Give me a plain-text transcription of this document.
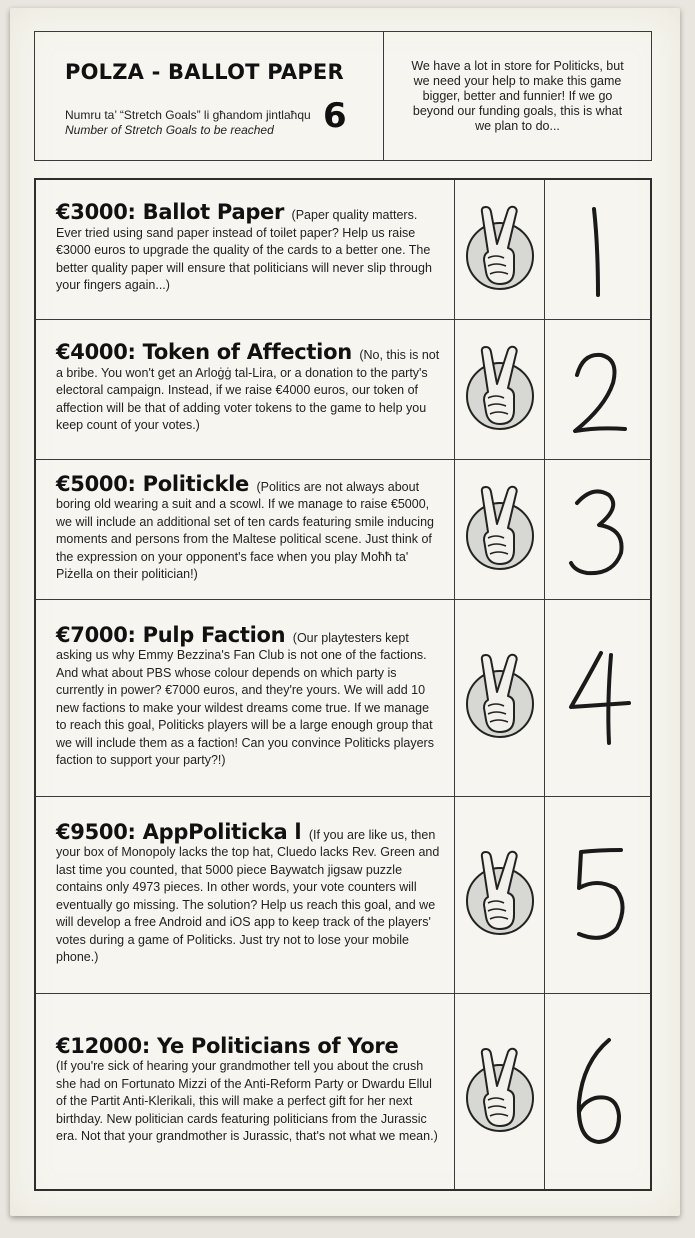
POLZA - BALLOT PAPER
Numru ta’ “Stretch Goals” li għandom jintlaħqu
Number of Stretch Goals to be reached 6
We have a lot in store for Politicks, but we need your help to make this game bigger, better and funnier! If we go beyond our funding goals, this is what we plan to do...

€3000: Ballot Paper (Paper quality matters. Ever tried using sand paper instead of toilet paper? Help us raise €3000 euros to upgrade the quality of the cards to a better one. The better quality paper will ensure that politicians will never slip through your fingers again...)

€4000: Token of Affection (No, this is not a bribe. You won't get an Arloġġ tal-Lira, or a donation to the party's electoral campaign. Instead, if we raise €4000 euros, our token of affection will be that of adding voter tokens to the game to help you keep count of your votes.)

€5000: Politickle (Politics are not always about boring old wearing a suit and a scowl. If we manage to raise €5000, we will include an additional set of ten cards featuring smile inducing moments and persons from the Maltese political scene. Just think of the expression on your opponent's face when you play Moħħ ta' Piżella on their politician!)

€7000: Pulp Faction (Our playtesters kept asking us why Emmy Bezzina's Fan Club is not one of the factions. And what about PBS whose colour depends on which party is currently in power? €7000 euros, and they're yours. We will add 10 new factions to make your wildest dreams come true. If we manage to reach this goal, Politicks players will be a large enough group that we will include them as a faction! Can you convince Politicks players faction to support your party?!)

€9500: AppPoliticka l (If you are like us, then your box of Monopoly lacks the top hat, Cluedo lacks Rev. Green and last time you counted, that 5000 piece Baywatch jigsaw puzzle contains only 4973 pieces. In other words, your vote counters will eventually go missing. The solution? Help us reach this goal, and we will develop a free Android and iOS app to keep track of the players' votes during a game of Politicks. Just try not to lose your mobile phone.)

€12000: Ye Politicians of Yore
(If you're sick of hearing your grandmother tell you about the crush she had on Fortunato Mizzi of the Anti-Reform Party or Dwardu Ellul of the Partit Anti-Klerikali, this will make a perfect gift for her next birthday. New politician cards featuring politicians from the Jurassic era. Not that your grandmother is Jurassic, that's not what we mean.)
